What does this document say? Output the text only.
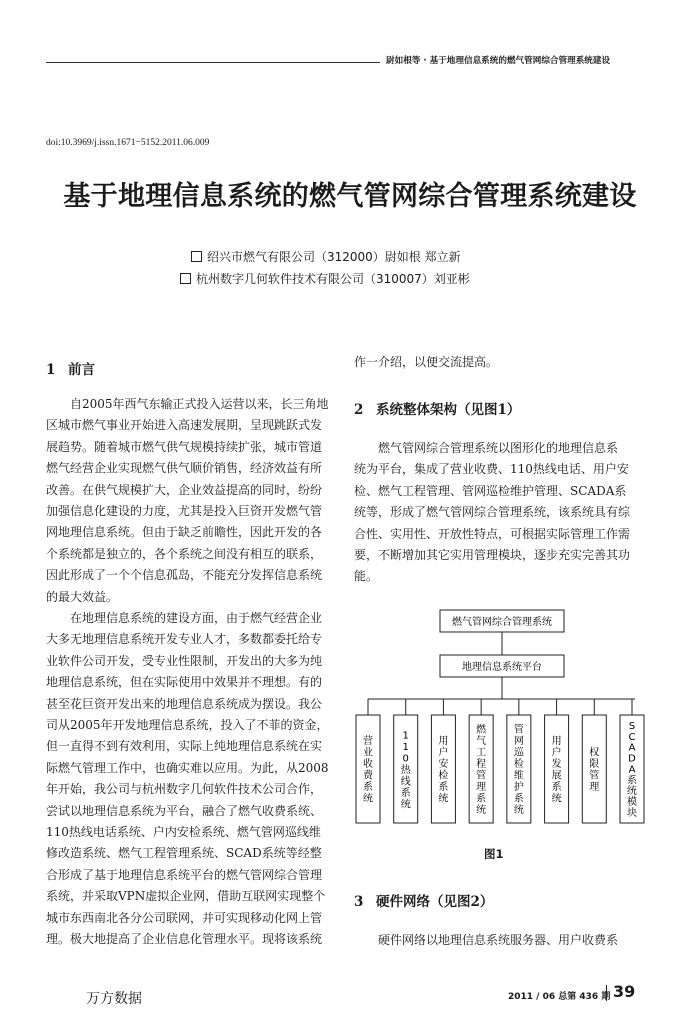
尉如根等 · 基于地理信息系统的燃气管网综合管理系统建设
doi:10.3969/j.issn.1671−5152.2011.06.009
基于地理信息系统的燃气管网综合管理系统建设
绍兴市燃气有限公司（312000）尉如根 郑立新
杭州数字几何软件技术有限公司（310007）刘亚彬
1 前言
自2005年西气东输正式投入运营以来，长三角地
区城市燃气事业开始进入高速发展期，呈现跳跃式发
展趋势。随着城市燃气供气规模持续扩张，城市管道
燃气经营企业实现燃气供气顺价销售，经济效益有所
改善。在供气规模扩大，企业效益提高的同时，纷纷
加强信息化建设的力度，尤其是投入巨资开发燃气管
网地理信息系统。但由于缺乏前瞻性，因此开发的各
个系统都是独立的，各个系统之间没有相互的联系，
因此形成了一个个信息孤岛，不能充分发挥信息系统
的最大效益。
在地理信息系统的建设方面，由于燃气经营企业
大多无地理信息系统开发专业人才，多数都委托给专
业软件公司开发，受专业性限制，开发出的大多为纯
地理信息系统，但在实际使用中效果并不理想。有的
甚至花巨资开发出来的地理信息系统成为摆设。我公
司从2005年开发地理信息系统，投入了不菲的资金，
但一直得不到有效利用，实际上纯地理信息系统在实
际燃气管理工作中，也确实难以应用。为此，从2008
年开始，我公司与杭州数字几何软件技术公司合作，
尝试以地理信息系统为平台，融合了燃气收费系统、
110热线电话系统、户内安检系统、燃气管网巡线维
修改造系统、燃气工程管理系统、SCAD系统等经整
合形成了基于地理信息系统平台的燃气管网综合管理
系统，并采取VPN虚拟企业网，借助互联网实现整个
城市东西南北各分公司联网，并可实现移动化网上管
理。极大地提高了企业信息化管理水平。现将该系统
作一介绍，以便交流提高。
2 系统整体架构（见图1）
燃气管网综合管理系统以图形化的地理信息系
统为平台，集成了营业收费、110热线电话、用户安
检、燃气工程管理、管网巡检维护管理、SCADA系
统等，形成了燃气管网综合管理系统，该系统具有综
合性、实用性、开放性特点，可根据实际管理工作需
要，不断增加其它实用管理模块，逐步充实完善其功
能。
燃气管网综合管理系统
地理信息系统平台
营业收费系统
1 1 0 热线系统
用户安检系统
燃气工程管理系统
管网巡检维护系统
用户发展系统
权限管理
S C A D A 系统模块
图1
3 硬件网络（见图2）
硬件网络以地理信息系统服务器、用户收费系
万方数据	2011 / 06 总第 436 期 39
